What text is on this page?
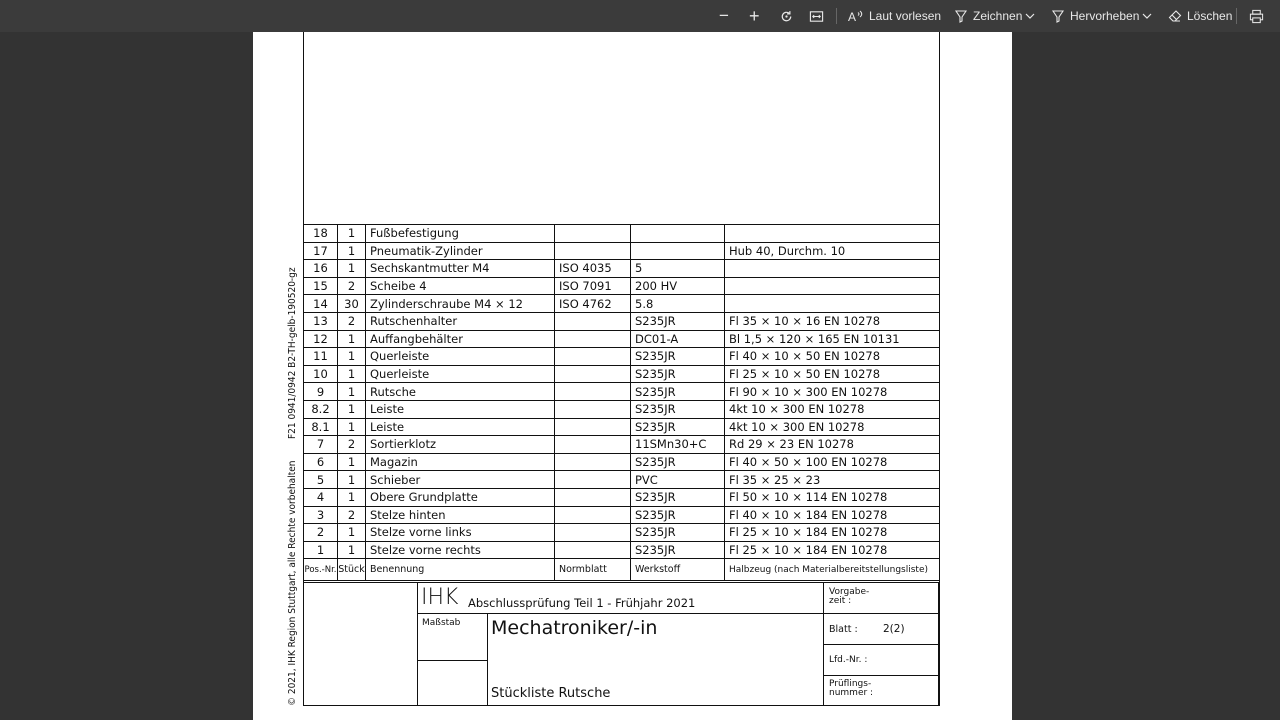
− +	A Laut vorlesen	Zeichnen	Hervorheben	Löschen
F21 0941/0942 B2-TH-gelb-190520-gz
© 2021, IHK Region Stuttgart, alle Rechte vorbehalten
18	1	Fußbefestigung			
17	1	Pneumatik-Zylinder			Hub 40, Durchm. 10
16	1	Sechskantmutter M4	ISO 4035	5	
15	2	Scheibe 4	ISO 7091	200 HV	
14	30	Zylinderschraube M4 × 12	ISO 4762	5.8	
13	2	Rutschenhalter		S235JR	Fl 35 × 10 × 16 EN 10278
12	1	Auffangbehälter		DC01-A	Bl 1,5 × 120 × 165 EN 10131
11	1	Querleiste		S235JR	Fl 40 × 10 × 50 EN 10278
10	1	Querleiste		S235JR	Fl 25 × 10 × 50 EN 10278
9	1	Rutsche		S235JR	Fl 90 × 10 × 300 EN 10278
8.2	1	Leiste		S235JR	4kt 10 × 300 EN 10278
8.1	1	Leiste		S235JR	4kt 10 × 300 EN 10278
7	2	Sortierklotz		11SMn30+C	Rd 29 × 23 EN 10278
6	1	Magazin		S235JR	Fl 40 × 50 × 100 EN 10278
5	1	Schieber		PVC	Fl 35 × 25 × 23
4	1	Obere Grundplatte		S235JR	Fl 50 × 10 × 114 EN 10278
3	2	Stelze hinten		S235JR	Fl 40 × 10 × 184 EN 10278
2	1	Stelze vorne links		S235JR	Fl 25 × 10 × 184 EN 10278
1	1	Stelze vorne rechts		S235JR	Fl 25 × 10 × 184 EN 10278
Pos.-Nr.	Stück	Benennung	Normblatt	Werkstoff	Halbzeug (nach Materialbereitstellungsliste)
IHK Abschlussprüfung Teil 1 - Frühjahr 2021
Maßstab Mechatroniker/-in
Stückliste Rutsche
Vorgabe-
zeit :
Blatt : 2(2)
Lfd.-Nr. :
Prüflings-
nummer :
